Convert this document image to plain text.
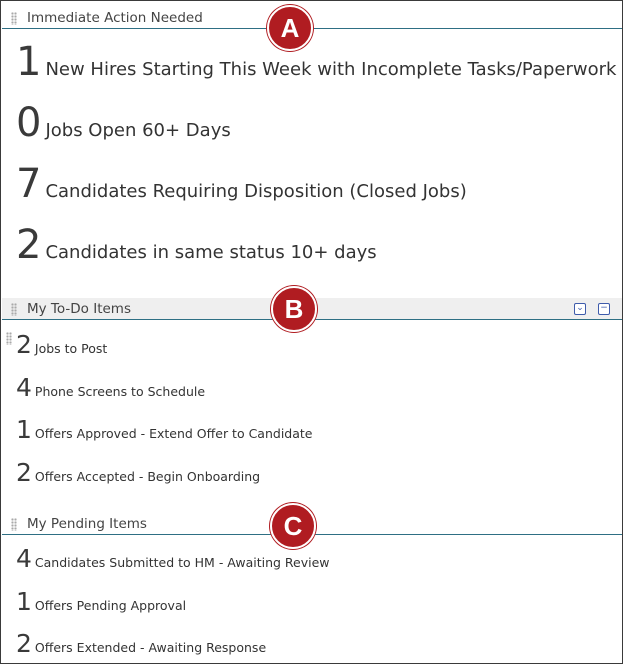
Immediate Action Needed	A
1 New Hires Starting This Week with Incomplete Tasks/Paperwork
0 Jobs Open 60+ Days
7 Candidates Requiring Disposition (Closed Jobs)
2 Candidates in same status 10+ days
My To-Do Items	⌄ −
B
2 Jobs to Post
4 Phone Screens to Schedule
1 Offers Approved - Extend Offer to Candidate
2 Offers Accepted - Begin Onboarding
My Pending Items	C
4 Candidates Submitted to HM - Awaiting Review
1 Offers Pending Approval
2 Offers Extended - Awaiting Response
